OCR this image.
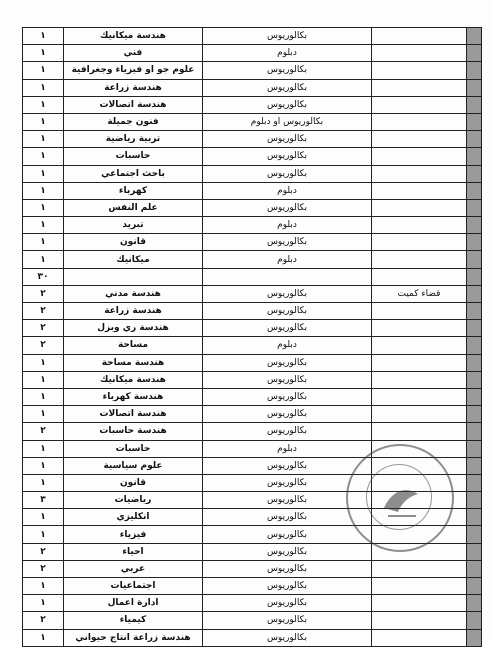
١	هندسة ميكانيك	بكالوريوس		
١	فني	دبلوم		
١	علوم جو او فيزياء وجغرافية	بكالوريوس		
١	هندسة زراعة	بكالوريوس		
١	هندسة اتصالات	بكالوريوس		
١	فنون جميلة	بكالوريوس او دبلوم		
١	تربية رياضية	بكالوريوس		
١	حاسبات	بكالوريوس		
١	باحث اجتماعي	بكالوريوس		
١	كهرباء	دبلوم		
١	علم النفس	بكالوريوس		
١	تبريد	دبلوم		
١	قانون	بكالوريوس		
١	ميكانيك	دبلوم		
٣٠				
٢	هندسة مدني	بكالوريوس	قضاء كميت	
٢	هندسة زراعة	بكالوريوس		
٢	هندسة ري وبزل	بكالوريوس		
٢	مساحة	دبلوم		
١	هندسة مساحة	بكالوريوس		
١	هندسة ميكانيك	بكالوريوس		
١	هندسة كهرباء	بكالوريوس		
١	هندسة اتصالات	بكالوريوس		
٢	هندسة حاسبات	بكالوريوس		
١	حاسبات	دبلوم		
١	علوم سياسية	بكالوريوس		
١	قانون	بكالوريوس		
٣	رياضيات	بكالوريوس		
١	انكليزي	بكالوريوس		
١	فيزياء	بكالوريوس		
٢	احياء	بكالوريوس		
٢	عربي	بكالوريوس		
١	اجتماعيات	بكالوريوس		
١	ادارة اعمال	بكالوريوس		
٢	كيمياء	بكالوريوس		
١	هندسة زراعة انتاج حيواني	بكالوريوس		
